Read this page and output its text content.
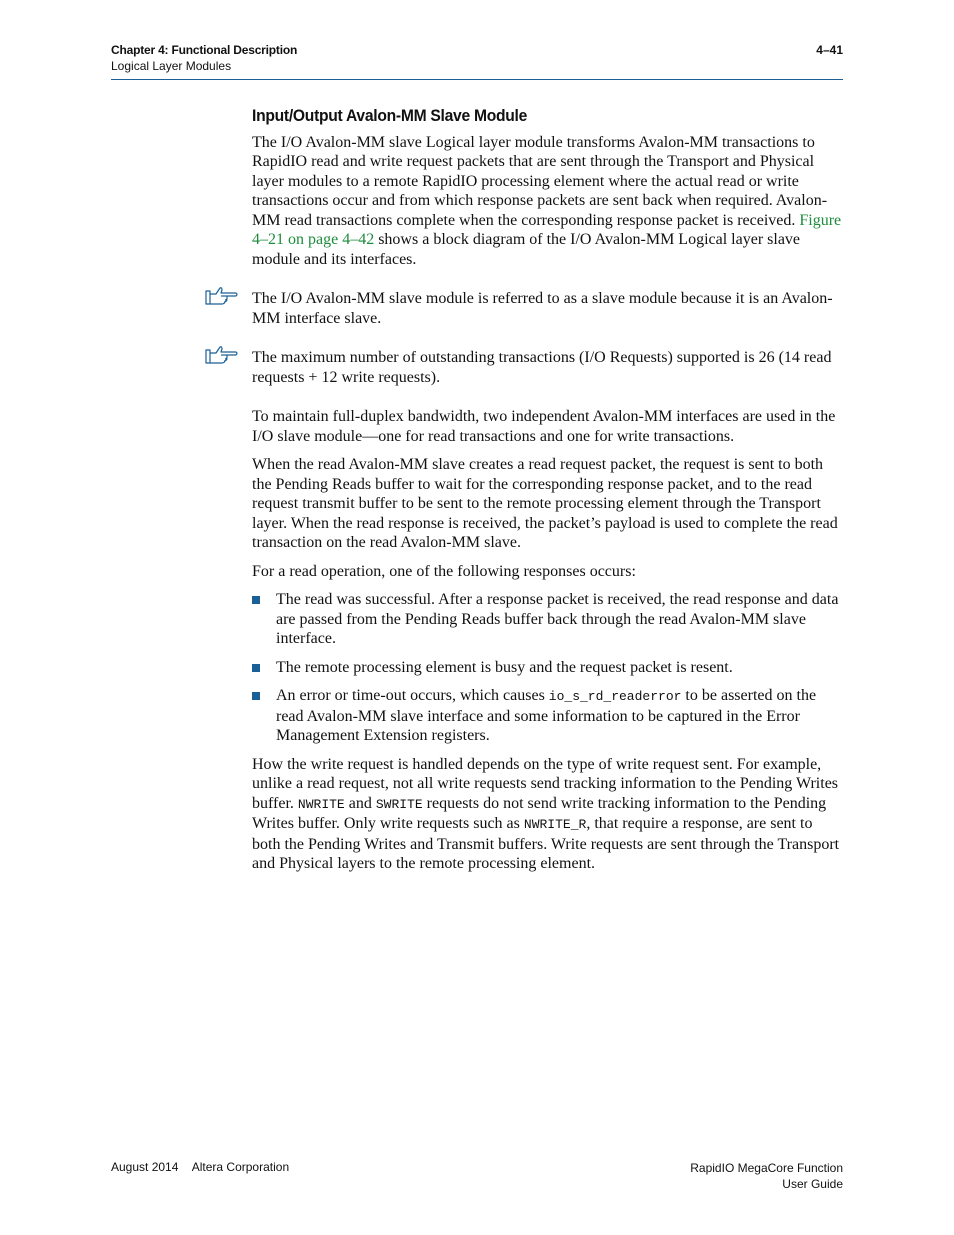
Chapter 4: Functional Description
Logical Layer Modules
4–41
Input/Output Avalon-MM Slave Module

The I/O Avalon-MM slave Logical layer module transforms Avalon-MM transactions to RapidIO read and write request packets that are sent through the Transport and Physical layer modules to a remote RapidIO processing element where the actual read or write transactions occur and from which response packets are sent back when required. Avalon-MM read transactions complete when the corresponding response packet is received. Figure 4–21 on page 4–42 shows a block diagram of the I/O Avalon-MM Logical layer slave module and its interfaces.

The I/O Avalon-MM slave module is referred to as a slave module because it is an Avalon-MM interface slave.
The maximum number of outstanding transactions (I/O Requests) supported is 26 (14 read requests + 12 write requests).

To maintain full-duplex bandwidth, two independent Avalon-MM interfaces are used in the I/O slave module—one for read transactions and one for write transactions.

When the read Avalon-MM slave creates a read request packet, the request is sent to both the Pending Reads buffer to wait for the corresponding response packet, and to the read request transmit buffer to be sent to the remote processing element through the Transport layer. When the read response is received, the packet’s payload is used to complete the read transaction on the read Avalon-MM slave.

For a read operation, one of the following responses occurs:

The read was successful. After a response packet is received, the read response and data are passed from the Pending Reads buffer back through the read Avalon-MM slave interface.
The remote processing element is busy and the request packet is resent.
An error or time-out occurs, which causes io_s_rd_readerror to be asserted on the read Avalon-MM slave interface and some information to be captured in the Error Management Extension registers.

How the write request is handled depends on the type of write request sent. For example, unlike a read request, not all write requests send tracking information to the Pending Writes buffer. NWRITE and SWRITE requests do not send write tracking information to the Pending Writes buffer. Only write requests such as NWRITE_R, that require a response, are sent to both the Pending Writes and Transmit buffers. Write requests are sent through the Transport and Physical layers to the remote processing element.

August 2014 Altera Corporation	RapidIO MegaCore Function
User Guide
